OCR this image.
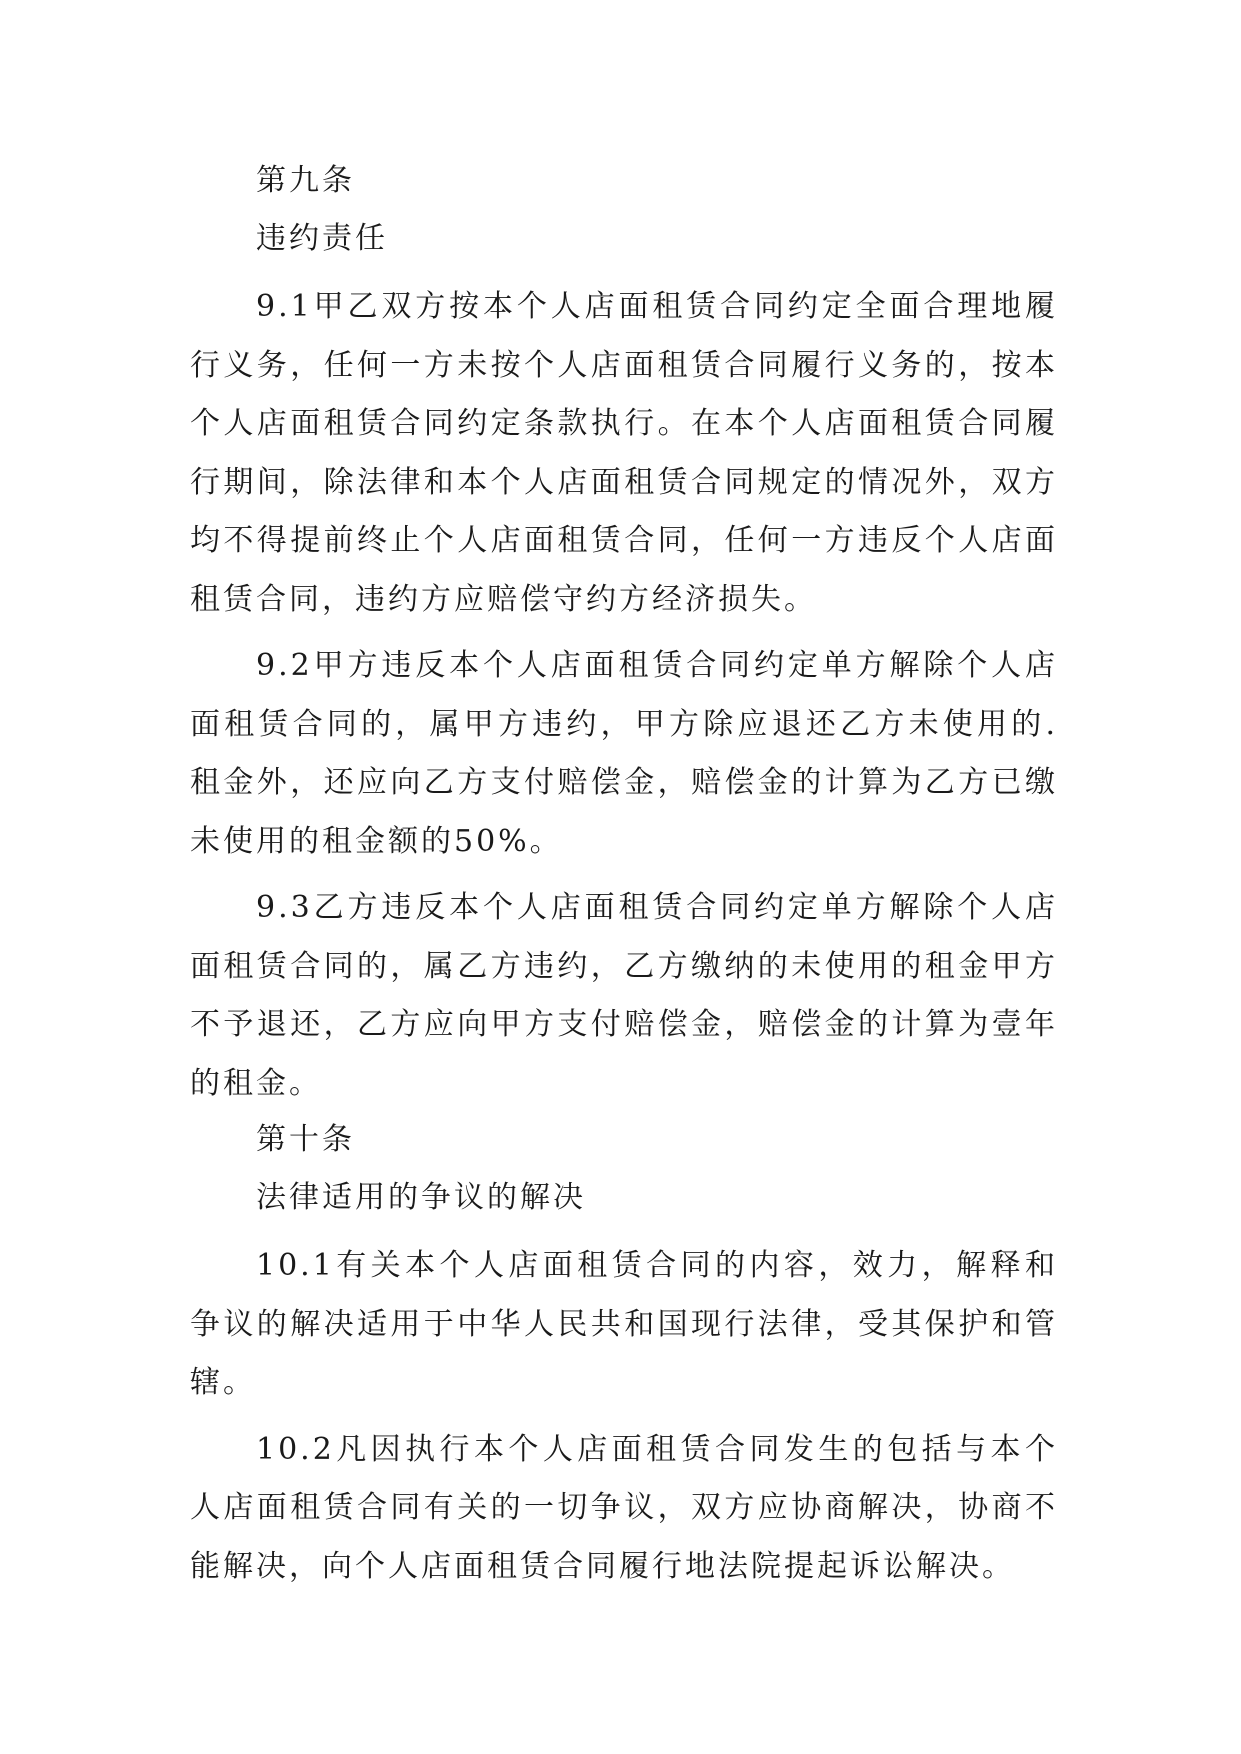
第九条

违约责任

9.1甲乙双方按本个人店面租赁合同约定全面合理地履行义务，任何一方未按个人店面租赁合同履行义务的，按本个人店面租赁合同约定条款执行。在本个人店面租赁合同履行期间，除法律和本个人店面租赁合同规定的情况外，双方均不得提前终止个人店面租赁合同，任何一方违反个人店面租赁合同，违约方应赔偿守约方经济损失。

9.2甲方违反本个人店面租赁合同约定单方解除个人店面租赁合同的，属甲方违约，甲方除应退还乙方未使用的.租金外，还应向乙方支付赔偿金，赔偿金的计算为乙方已缴未使用的租金额的50%。

9.3乙方违反本个人店面租赁合同约定单方解除个人店面租赁合同的，属乙方违约，乙方缴纳的未使用的租金甲方不予退还，乙方应向甲方支付赔偿金，赔偿金的计算为壹年的租金。

第十条

法律适用的争议的解决

10.1有关本个人店面租赁合同的内容，效力，解释和争议的解决适用于中华人民共和国现行法律，受其保护和管辖。

10.2凡因执行本个人店面租赁合同发生的包括与本个人店面租赁合同有关的一切争议，双方应协商解决，协商不能解决，向个人店面租赁合同履行地法院提起诉讼解决。
